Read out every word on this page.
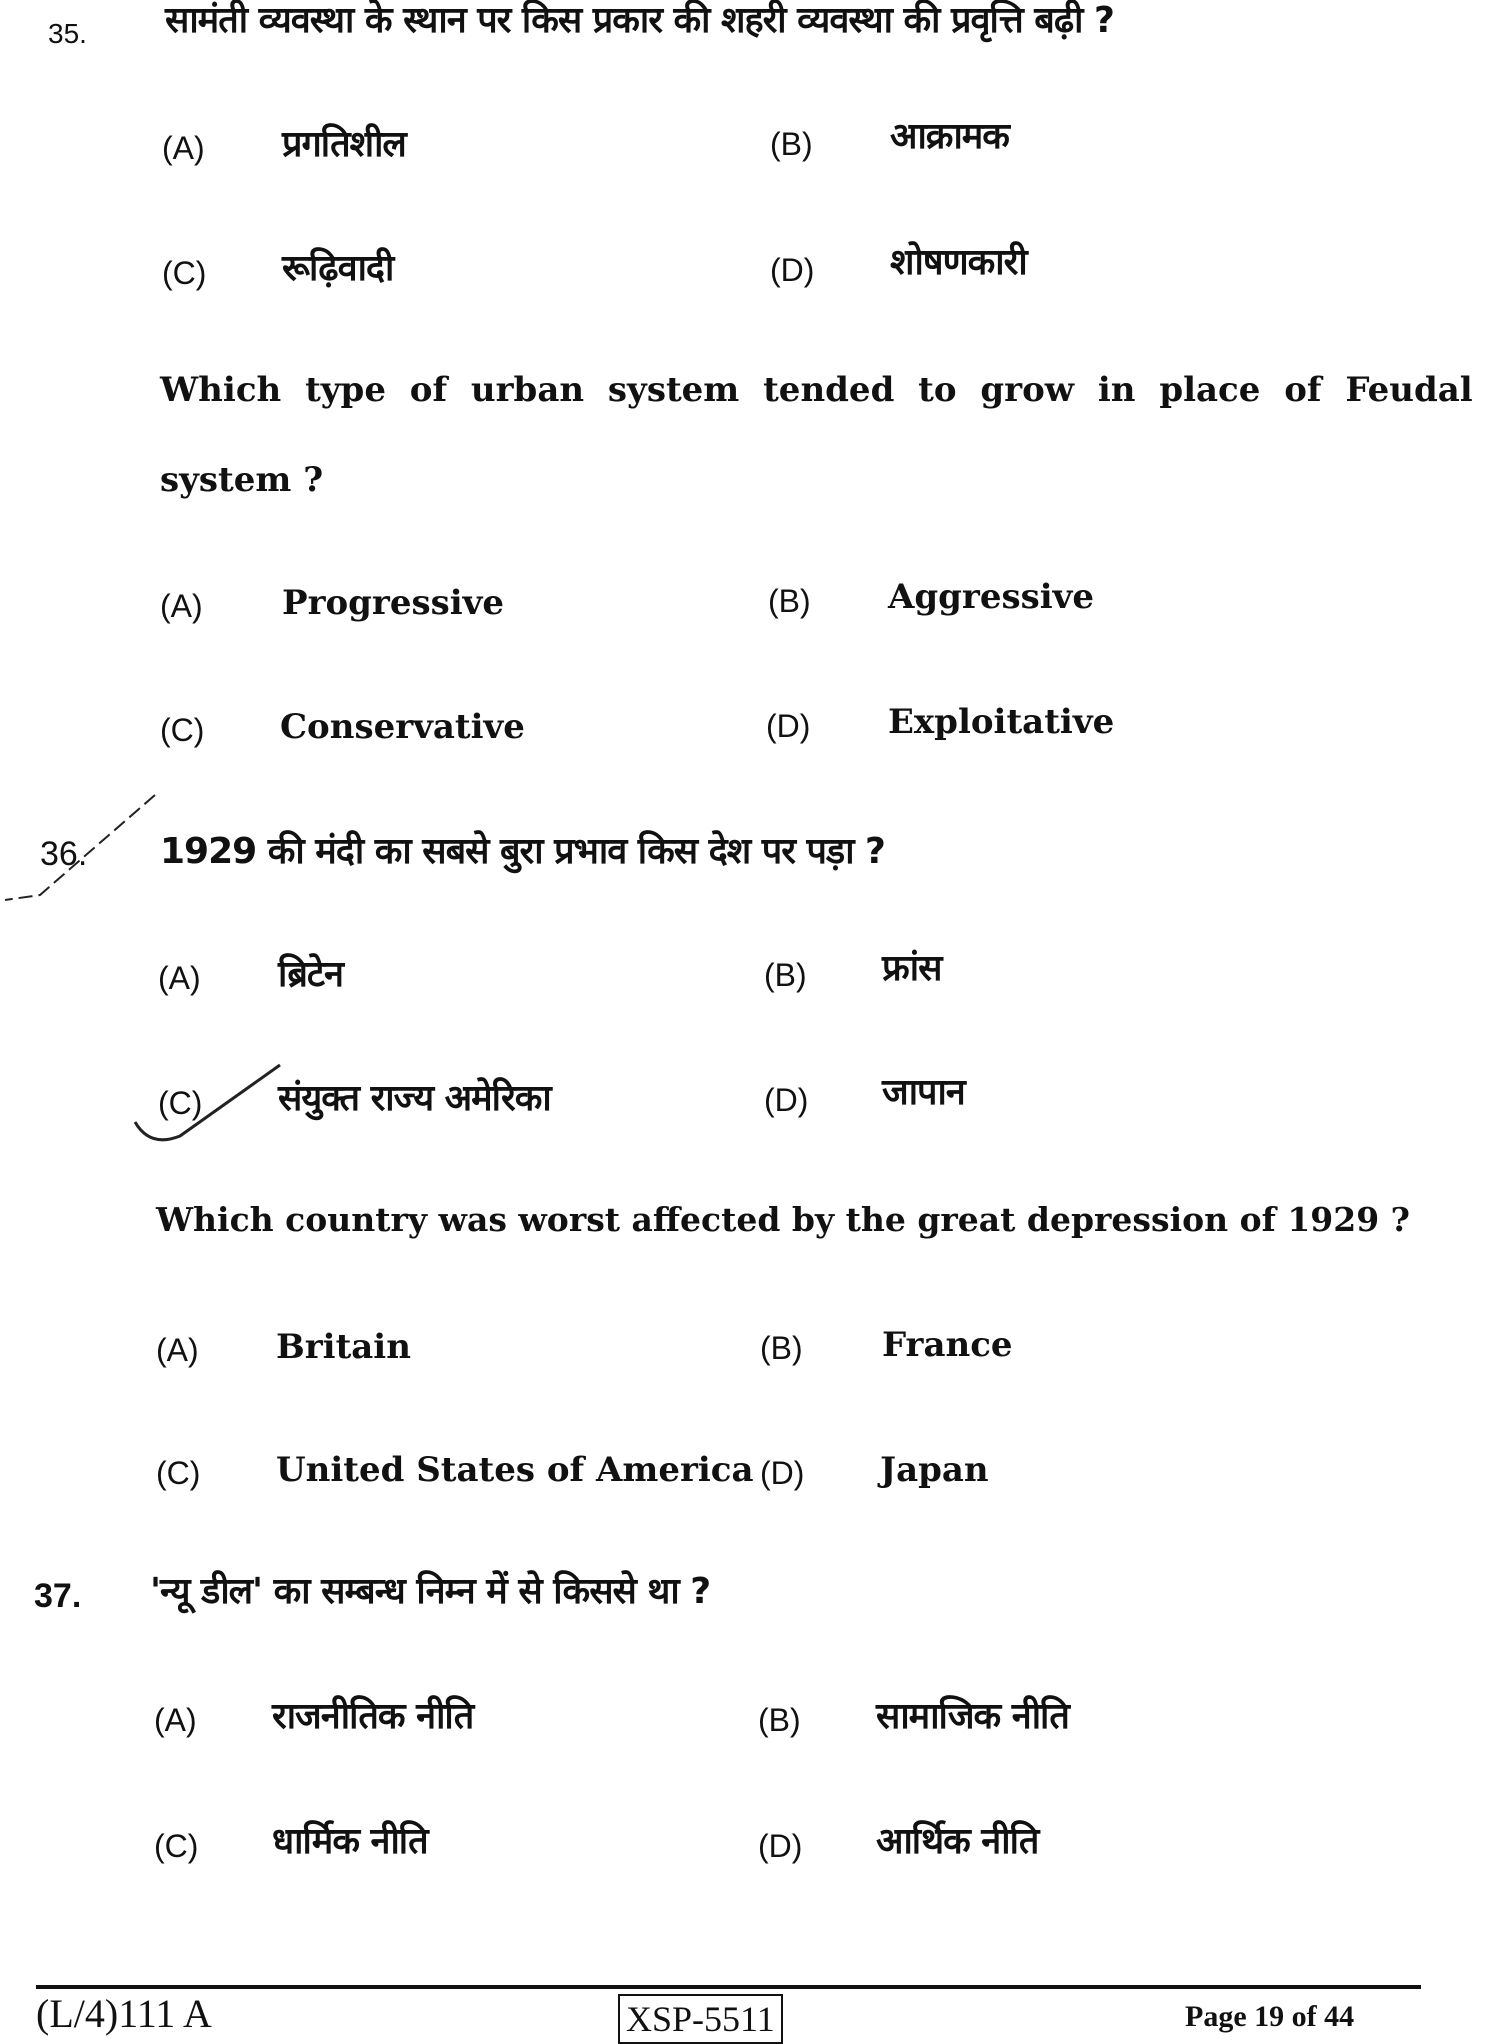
35. सामंती व्यवस्था के स्थान पर किस प्रकार की शहरी व्यवस्था की प्रवृत्ति बढ़ी ?
(A) प्रगतिशील	(B) आक्रामक
(C) रूढ़िवादी	(D) शोषणकारी
Which type of urban system tended to grow in place of Feudal
system ?
(A) Progressive	(B) Aggressive
(C) Conservative	(D) Exploitative
36. 1929 की मंदी का सबसे बुरा प्रभाव किस देश पर पड़ा ?
(A) ब्रिटेन	(B) फ्रांस
(C) संयुक्त राज्य अमेरिका	(D) जापान
Which country was worst affected by the great depression of 1929 ?
(A) Britain	(B) France
(C) United States of America (D) Japan
37. 'न्यू डील' का सम्बन्ध निम्न में से किससे था ?
(A) राजनीतिक नीति	(B) सामाजिक नीति
(C) धार्मिक नीति	(D) आर्थिक नीति
(L/4)111 A	XSP-5511	Page 19 of 44
